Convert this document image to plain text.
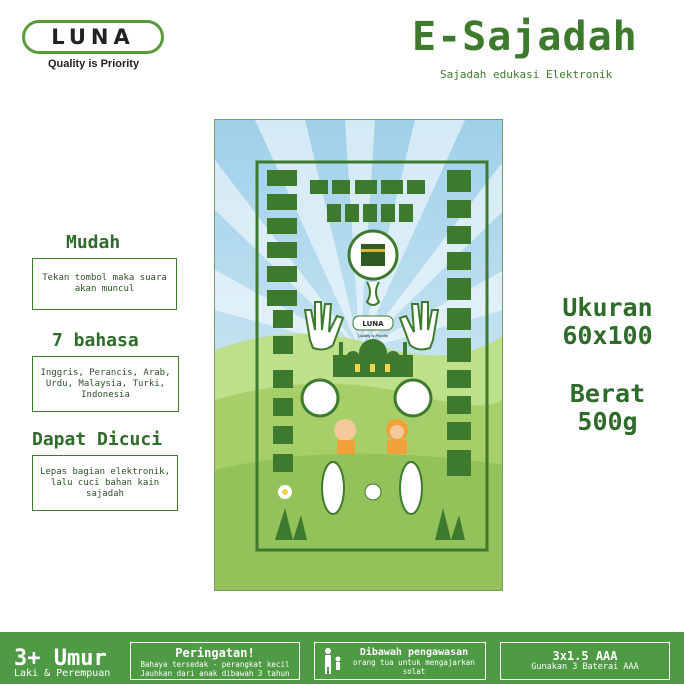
LUNA
Quality is Priority
E-Sajadah
Sajadah edukasi Elektronik
Mudah
Tekan tombol maka suara akan muncul
7 bahasa
Inggris, Perancis, Arab, Urdu, Malaysia, Turki, Indonesia
Dapat Dicuci
Lepas bagian elektronik, lalu cuci bahan kain sajadah
Ukuran
60x100
Berat
500g
LUNA
Quality is Priority
3+ Umur
Laki & Perempuan
Peringatan!
Bahaya tersedak - perangkat kecil
Jauhkan dari anak dibawah 3 tahun
Dibawah pengawasan
orang tua untuk mengajarkan solat
3x1.5 AAA
Gunakan 3 Baterai AAA
